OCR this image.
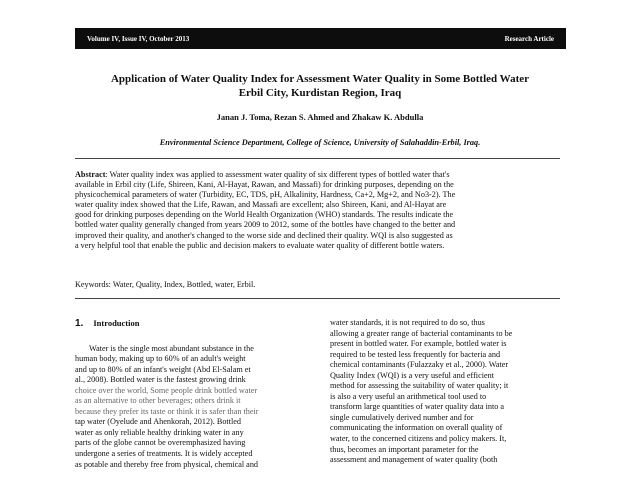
Volume IV, Issue IV, October 2013	Research Article
Application of Water Quality Index for Assessment Water Quality in Some Bottled Water
Erbil City, Kurdistan Region, Iraq
Janan J. Toma, Rezan S. Ahmed and Zhakaw K. Abdulla
Environmental Science Department, College of Science, University of Salahaddin-Erbil, Iraq.
Abstract: Water quality index was applied to assessment water quality of six different types of bottled water that's
available in Erbil city (Life, Shireen, Kani, Al-Hayat, Rawan, and Massafi) for drinking purposes, depending on the
physicochemical parameters of water (Turbidity, EC, TDS, pH, Alkalinity, Hardness, Ca+2, Mg+2, and No3-2). The
water quality index showed that the Life, Rawan, and Massafi are excellent; also Shireen, Kani, and Al-Hayat are
good for drinking purposes depending on the World Health Organization (WHO) standards. The results indicate the
bottled water quality generally changed from years 2009 to 2012, some of the bottles have changed to the better and
improved their quality, and another's changed to the worse side and declined their quality. WQI is also suggested as
a very helpful tool that enable the public and decision makers to evaluate water quality of different bottle waters.
Keywords: Water, Quality, Index, Bottled, water, Erbil.
1. Introduction
Water is the single most abundant substance in the
human body, making up to 60% of an adult's weight
and up to 80% of an infant's weight (Abd El-Salam et
al., 2008). Bottled water is the fastest growing drink
choice over the world, Some people drink bottled water
as an alternative to other beverages; others drink it
because they prefer its taste or think it is safer than their
tap water (Oyelude and Ahenkorah, 2012). Bottled
water as only reliable healthy drinking water in any
parts of the globe cannot be overemphasized having
undergone a series of treatments. It is widely accepted
as potable and thereby free from physical, chemical and
water standards, it is not required to do so, thus
allowing a greater range of bacterial contaminants to be
present in bottled water. For example, bottled water is
required to be tested less frequently for bacteria and
chemical contaminants (Fulazzaky et al., 2000). Water
Quality Index (WQI) is a very useful and efficient
method for assessing the suitability of water quality; it
is also a very useful an arithmetical tool used to
transform large quantities of water quality data into a
single cumulatively derived number and for
communicating the information on overall quality of
water, to the concerned citizens and policy makers. It,
thus, becomes an important parameter for the
assessment and management of water quality (both
